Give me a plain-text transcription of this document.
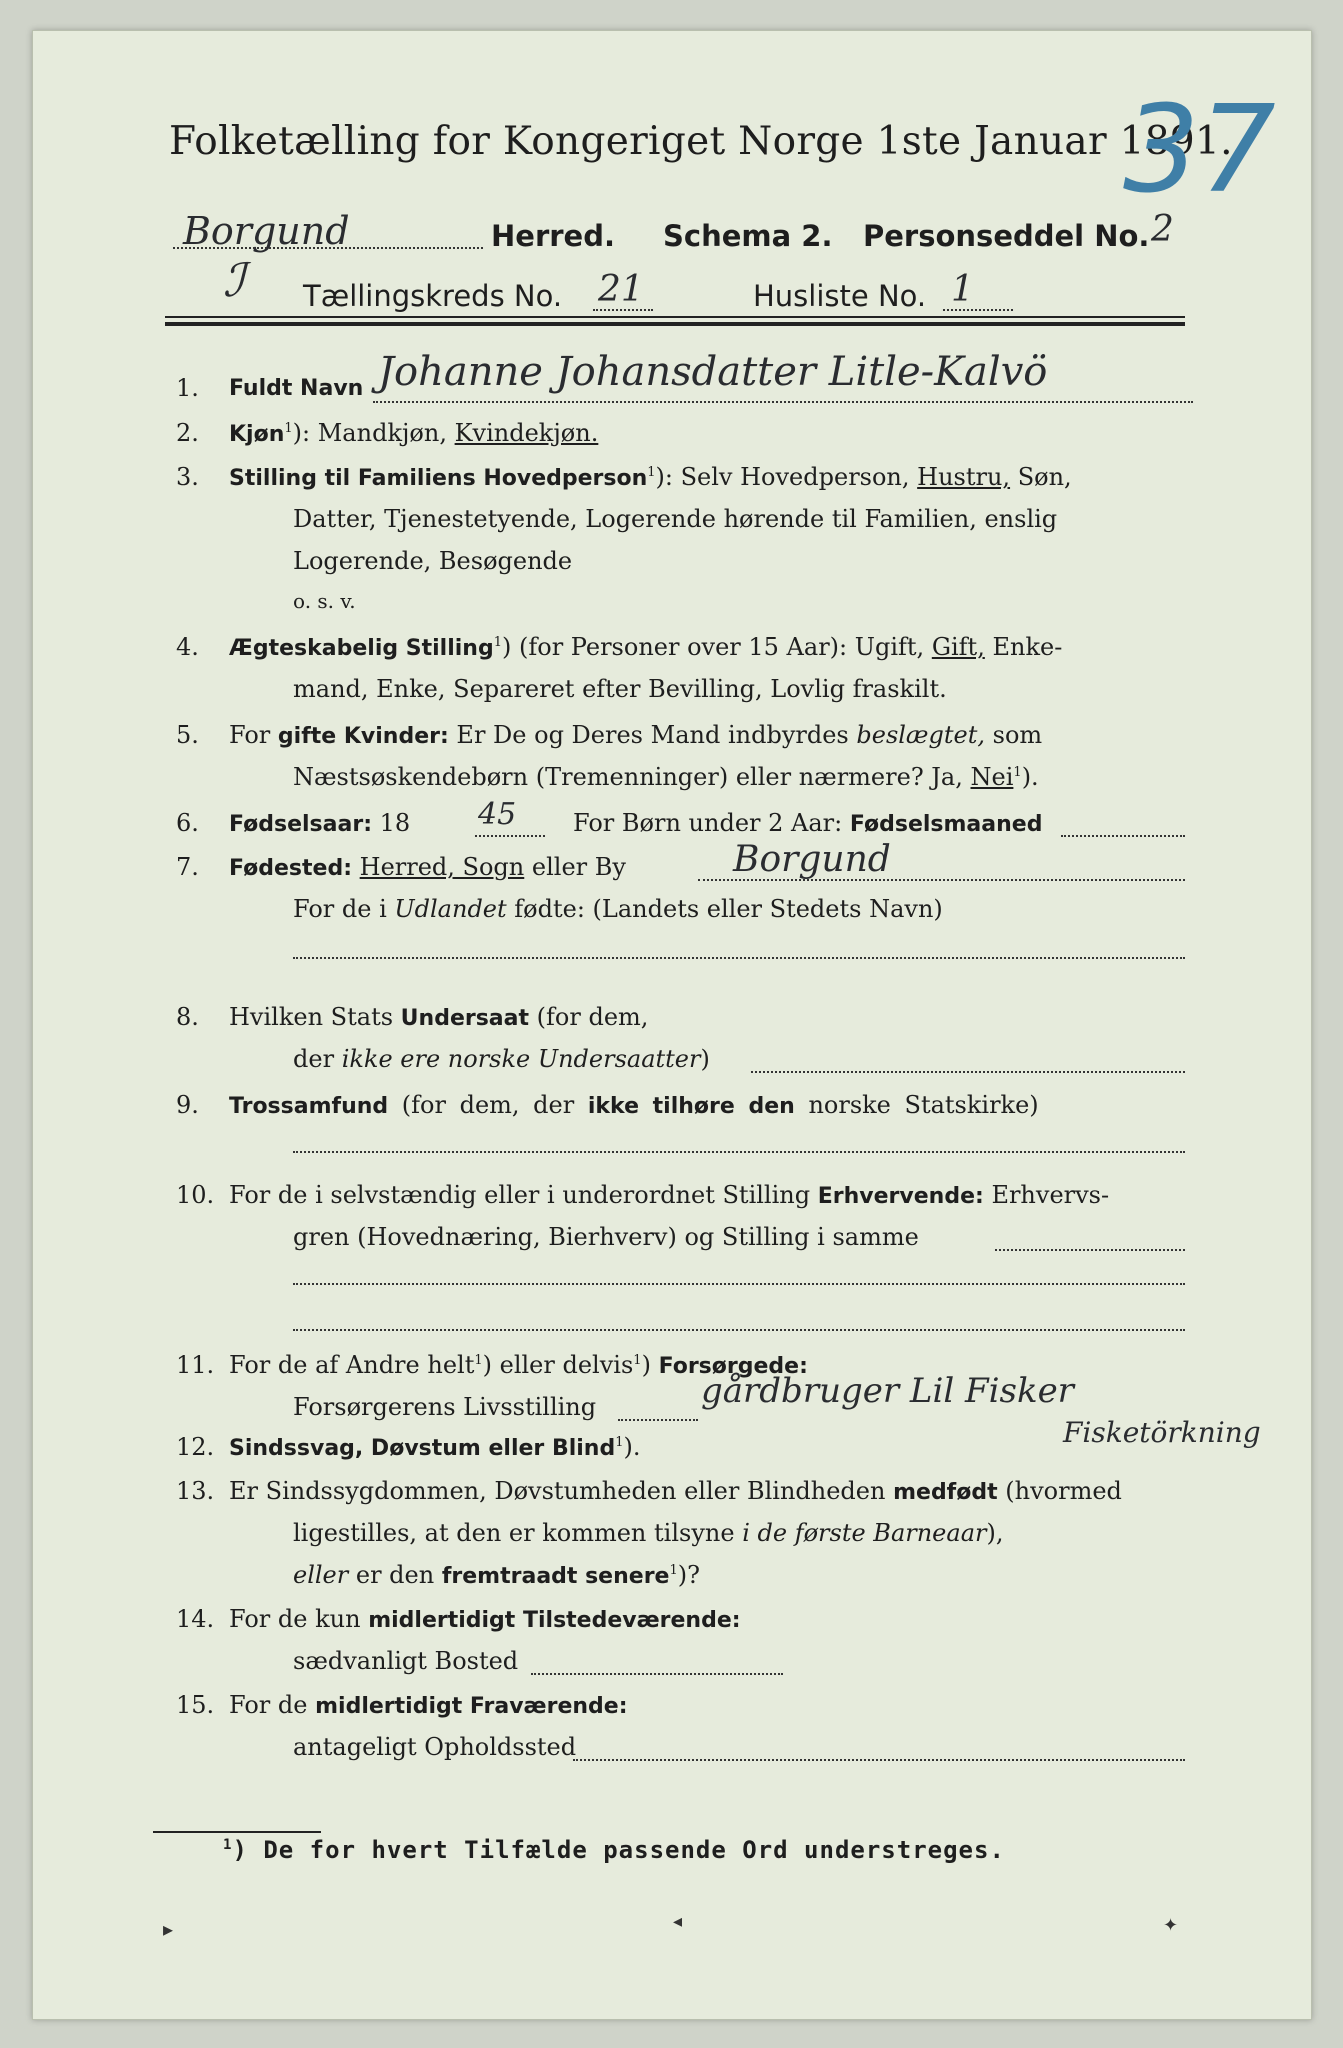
Folketælling for Kongeriget Norge 1ste Januar 1891.
37
Borgund	Herred. Schema 2. Personseddel No. 2
ℐ Tællingskreds No. 21	Husliste No. 1
1. Fuldt Navn Johanne Johansdatter Litle-Kalvö
2. Kjøn$^1$): Mandkjøn, Kvindekjøn.
3. Stilling til Familiens Hovedperson$^1$): Selv Hovedperson, Hustru, Søn,
Datter, Tjenestetyende, Logerende hørende til Familien, enslig
Logerende, Besøgende
o. s. v.
4. Ægteskabelig Stilling$^1$) (for Personer over 15 Aar): Ugift, Gift, Enke-
mand, Enke, Separeret efter Bevilling, Lovlig fraskilt.
5. For gifte Kvinder: Er De og Deres Mand indbyrdes beslægtet, som
Næstsøskendebørn (Tremenninger) eller nærmere? Ja, Nei$^1$).
6. Fødselsaar: 18 45 For Børn under 2 Aar: Fødselsmaaned
7. Fødested: Herred, Sogn eller By	Borgund
For de i Udlandet fødte: (Landets eller Stedets Navn)
8. Hvilken Stats Undersaat (for dem,
der ikke ere norske Undersaatter)
9. Trossamfund (for dem, der ikke tilhøre den norske Statskirke)
10. For de i selvstændig eller i underordnet Stilling Erhvervende: Erhvervs-
gren (Hovednæring, Bierhverv) og Stilling i samme
11. For de af Andre helt$^1$) eller delvis$^1$) Forsørgede:
Forsørgerens Livsstilling	gårdbruger Lil Fisker
Fisketörkning
12. Sindssvag, Døvstum eller Blind$^1$).
13. Er Sindssygdommen, Døvstumheden eller Blindheden medfødt (hvormed
ligestilles, at den er kommen tilsyne i de første Barneaar),
eller er den fremtraadt senere$^1$)?
14. For de kun midlertidigt Tilstedeværende:
sædvanligt Bosted
15. For de midlertidigt Fraværende:
antageligt Opholdssted
$^1$) De for hvert Tilfælde passende Ord understreges.
▸	◂	✦
